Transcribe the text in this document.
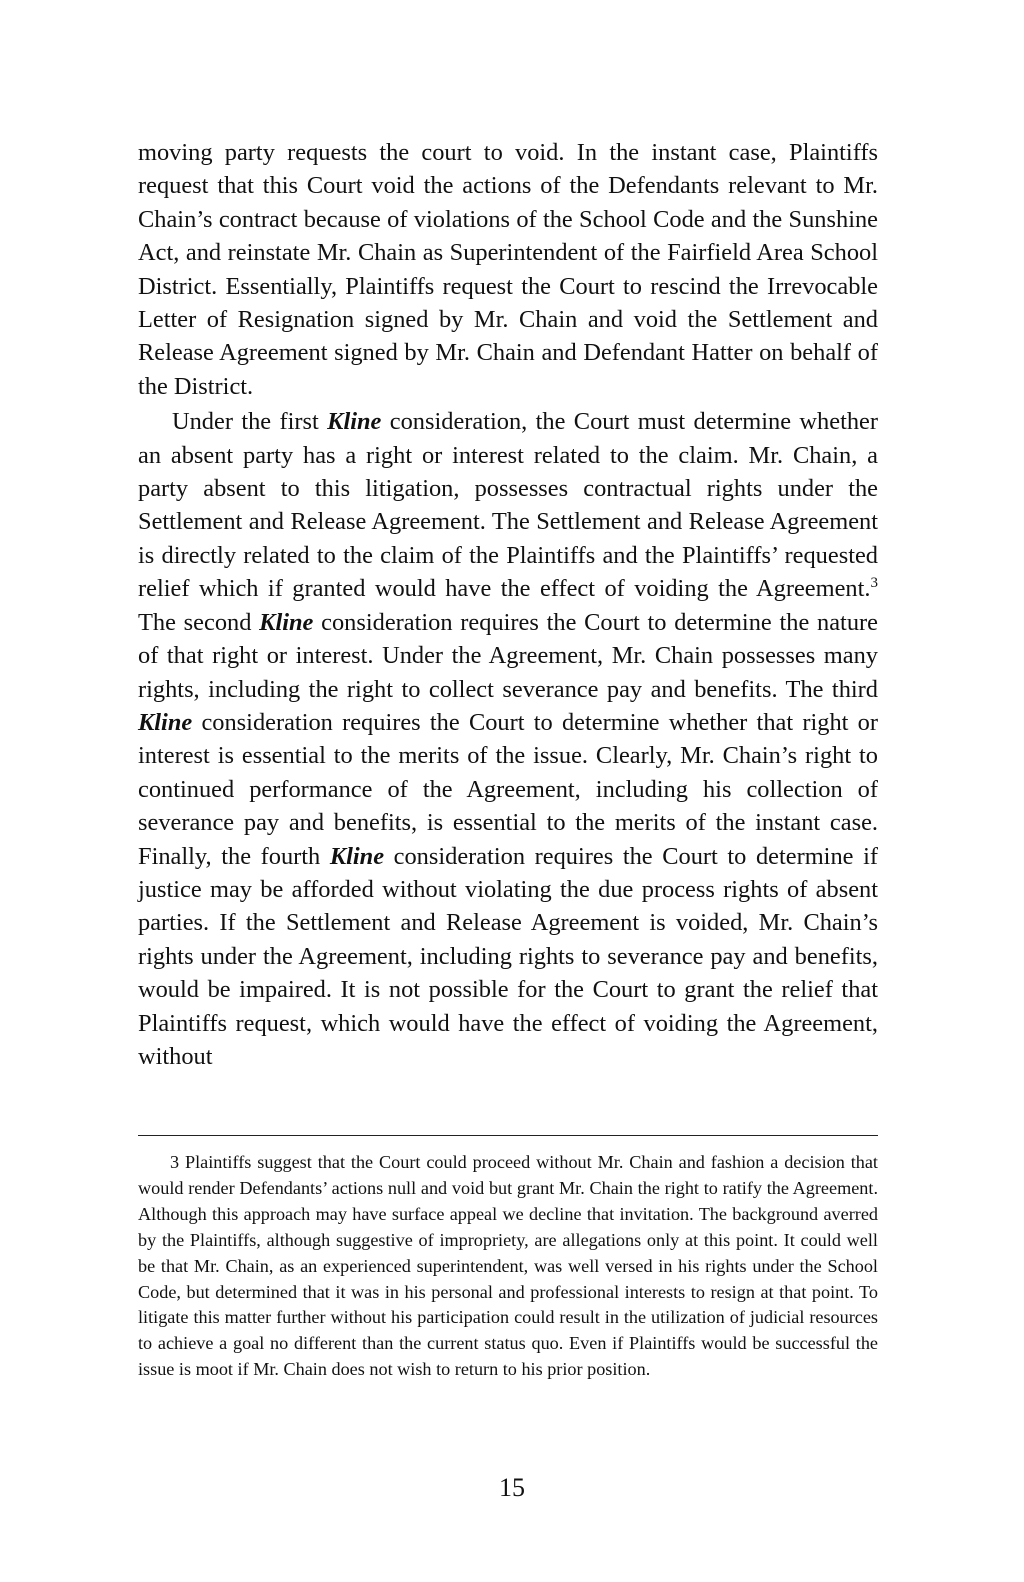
moving party requests the court to void. In the instant case, Plaintiffs request that this Court void the actions of the Defendants relevant to Mr. Chain’s contract because of violations of the School Code and the Sunshine Act, and reinstate Mr. Chain as Superintendent of the Fairfield Area School District. Essentially, Plaintiffs request the Court to rescind the Irrevocable Letter of Resignation signed by Mr. Chain and void the Settlement and Release Agreement signed by Mr. Chain and Defendant Hatter on behalf of the District.

Under the first Kline consideration, the Court must determine whether an absent party has a right or interest related to the claim. Mr. Chain, a party absent to this litigation, possesses contractual rights under the Settlement and Release Agreement. The Settlement and Release Agreement is directly related to the claim of the Plaintiffs and the Plaintiffs’ requested relief which if granted would have the effect of voiding the Agreement.$^3$ The second Kline consideration requires the Court to determine the nature of that right or interest. Under the Agreement, Mr. Chain possesses many rights, including the right to collect severance pay and benefits. The third Kline consideration requires the Court to determine whether that right or interest is essential to the merits of the issue. Clearly, Mr. Chain’s right to continued performance of the Agreement, including his collection of severance pay and benefits, is essential to the merits of the instant case. Finally, the fourth Kline consideration requires the Court to determine if justice may be afforded without violating the due process rights of absent parties. If the Settlement and Release Agreement is voided, Mr. Chain’s rights under the Agreement, including rights to severance pay and benefits, would be impaired. It is not possible for the Court to grant the relief that Plaintiffs request, which would have the effect of voiding the Agreement, without

3 Plaintiffs suggest that the Court could proceed without Mr. Chain and fashion a decision that would render Defendants’ actions null and void but grant Mr. Chain the right to ratify the Agreement. Although this approach may have surface appeal we decline that invitation. The background averred by the Plaintiffs, although suggestive of impropriety, are allegations only at this point. It could well be that Mr. Chain, as an experienced superintendent, was well versed in his rights under the School Code, but determined that it was in his personal and professional interests to resign at that point. To litigate this matter further without his participation could result in the utilization of judicial resources to achieve a goal no different than the current status quo. Even if Plaintiffs would be successful the issue is moot if Mr. Chain does not wish to return to his prior position.

15
